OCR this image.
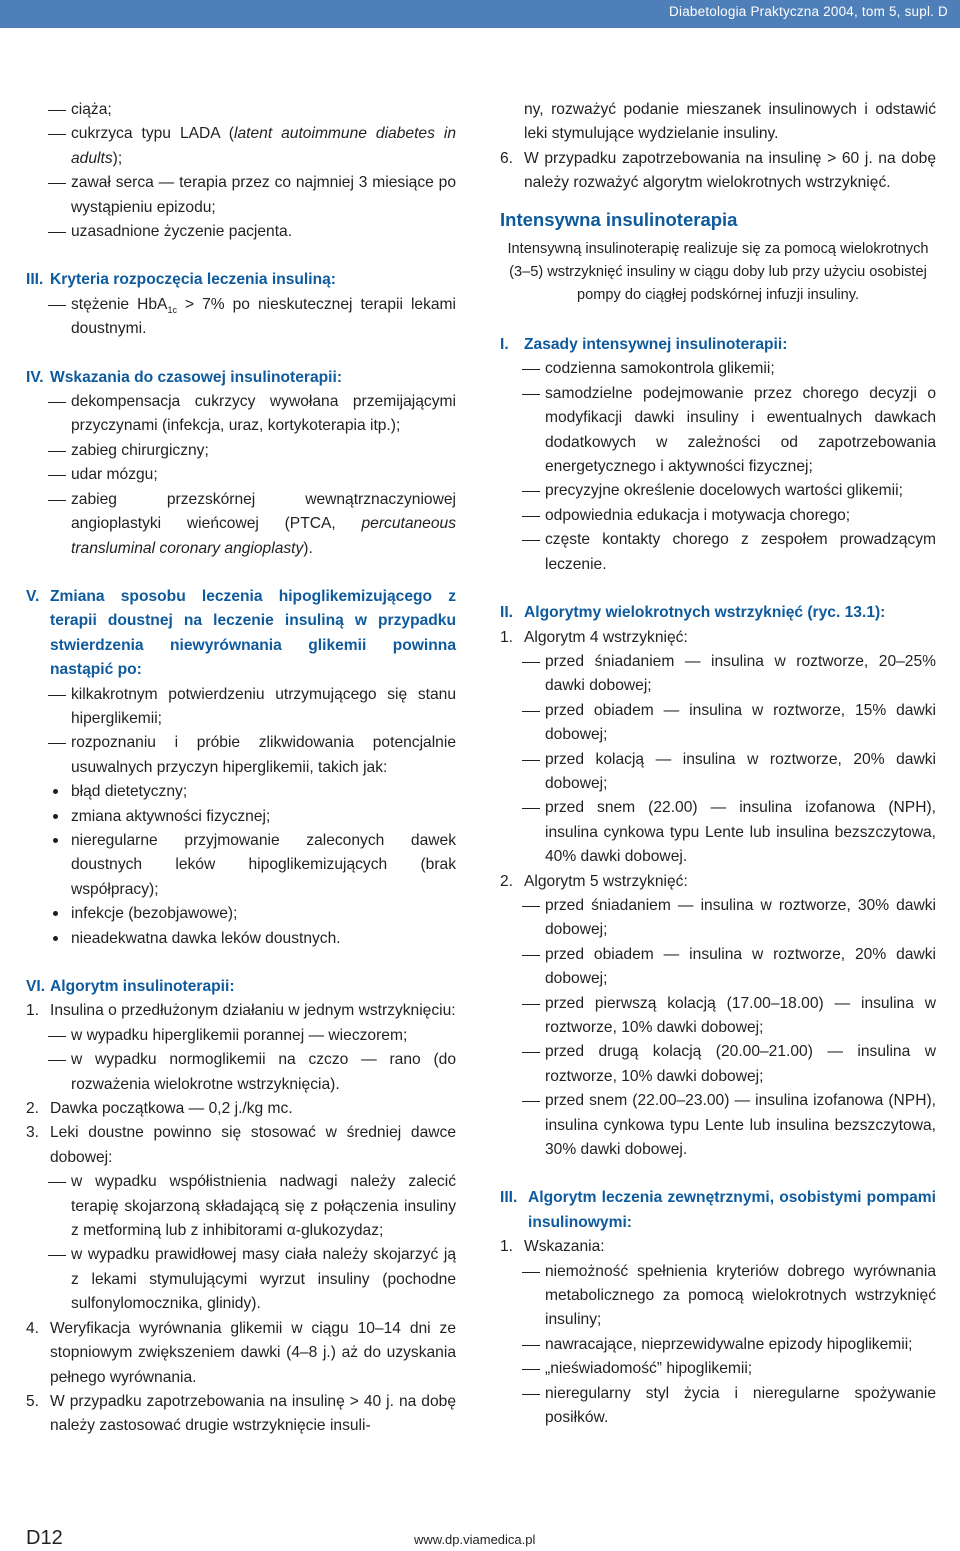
Diabetologia Praktyczna 2004, tom 5, supl. D
ciąża;
cukrzyca typu LADA (latent autoimmune diabetes in adults);
zawał serca — terapia przez co najmniej 3 miesiące po wystąpieniu epizodu;
uzasadnione życzenie pacjenta.
III. Kryteria rozpoczęcia leczenia insuliną:
stężenie HbA$_{1c}$ > 7% po nieskutecznej terapii lekami doustnymi.
IV. Wskazania do czasowej insulinoterapii:
dekompensacja cukrzycy wywołana przemijającymi przyczynami (infekcja, uraz, kortykoterapia itp.);
zabieg chirurgiczny;
udar mózgu;
zabieg przezskórnej wewnątrznaczyniowej angioplastyki wieńcowej (PTCA, percutaneous transluminal coronary angioplasty).
V. Zmiana sposobu leczenia hipoglikemizującego z terapii doustnej na leczenie insuliną w przypadku stwierdzenia niewyrównania glikemii powinna nastąpić po:
kilkakrotnym potwierdzeniu utrzymującego się stanu hiperglikemii;
rozpoznaniu i próbie zlikwidowania potencjalnie usuwalnych przyczyn hiperglikemii, takich jak:
błąd dietetyczny;
zmiana aktywności fizycznej;
nieregularne przyjmowanie zaleconych dawek doustnych leków hipoglikemizujących (brak współpracy);
infekcje (bezobjawowe);
nieadekwatna dawka leków doustnych.
VI. Algorytm insulinoterapii:
1. Insulina o przedłużonym działaniu w jednym wstrzyknięciu:
w wypadku hiperglikemii porannej — wieczorem;
w wypadku normoglikemii na czczo — rano (do rozważenia wielokrotne wstrzyknięcia).
2. Dawka początkowa — 0,2 j./kg mc.
3. Leki doustne powinno się stosować w średniej dawce dobowej:
w wypadku współistnienia nadwagi należy zalecić terapię skojarzoną składającą się z połączenia insuliny z metforminą lub z inhibitorami α-glukozydaz;
w wypadku prawidłowej masy ciała należy skojarzyć ją z lekami stymulującymi wyrzut insuliny (pochodne sulfonylomocznika, glinidy).
4. Weryfikacja wyrównania glikemii w ciągu 10–14 dni ze stopniowym zwiększeniem dawki (4–8 j.) aż do uzyskania pełnego wyrównania.
5. W przypadku zapotrzebowania na insulinę > 40 j. na dobę należy zastosować drugie wstrzyknięcie insuli-
ny, rozważyć podanie mieszanek insulinowych i odstawić leki stymulujące wydzielanie insuliny.
6. W przypadku zapotrzebowania na insulinę > 60 j. na dobę należy rozważyć algorytm wielokrotnych wstrzyknięć.
Intensywna insulinoterapia

Intensywną insulinoterapię realizuje się za pomocą wielokrotnych (3–5) wstrzyknięć insuliny w ciągu doby lub przy użyciu osobistej pompy do ciągłej podskórnej infuzji insuliny.

I. Zasady intensywnej insulinoterapii:
codzienna samokontrola glikemii;
samodzielne podejmowanie przez chorego decyzji o modyfikacji dawki insuliny i ewentualnych dawkach dodatkowych w zależności od zapotrzebowania energetycznego i aktywności fizycznej;
precyzyjne określenie docelowych wartości glikemii;
odpowiednia edukacja i motywacja chorego;
częste kontakty chorego z zespołem prowadzącym leczenie.
II. Algorytmy wielokrotnych wstrzyknięć (ryc. 13.1):
1. Algorytm 4 wstrzyknięć:
przed śniadaniem — insulina w roztworze, 20–25% dawki dobowej;
przed obiadem — insulina w roztworze, 15% dawki dobowej;
przed kolacją — insulina w roztworze, 20% dawki dobowej;
przed snem (22.00) — insulina izofanowa (NPH), insulina cynkowa typu Lente lub insulina bezszczytowa, 40% dawki dobowej.
2. Algorytm 5 wstrzyknięć:
przed śniadaniem — insulina w roztworze, 30% dawki dobowej;
przed obiadem — insulina w roztworze, 20% dawki dobowej;
przed pierwszą kolacją (17.00–18.00) — insulina w roztworze, 10% dawki dobowej;
przed drugą kolacją (20.00–21.00) — insulina w roztworze, 10% dawki dobowej;
przed snem (22.00–23.00) — insulina izofanowa (NPH), insulina cynkowa typu Lente lub insulina bezszczytowa, 30% dawki dobowej.
III. Algorytm leczenia zewnętrznymi, osobistymi pompami insulinowymi:
1. Wskazania:
niemożność spełnienia kryteriów dobrego wyrównania metabolicznego za pomocą wielokrotnych wstrzyknięć insuliny;
nawracające, nieprzewidywalne epizody hipoglikemii;
„nieświadomość” hipoglikemii;
nieregularny styl życia i nieregularne spożywanie posiłków.
D12	www.dp.viamedica.pl
